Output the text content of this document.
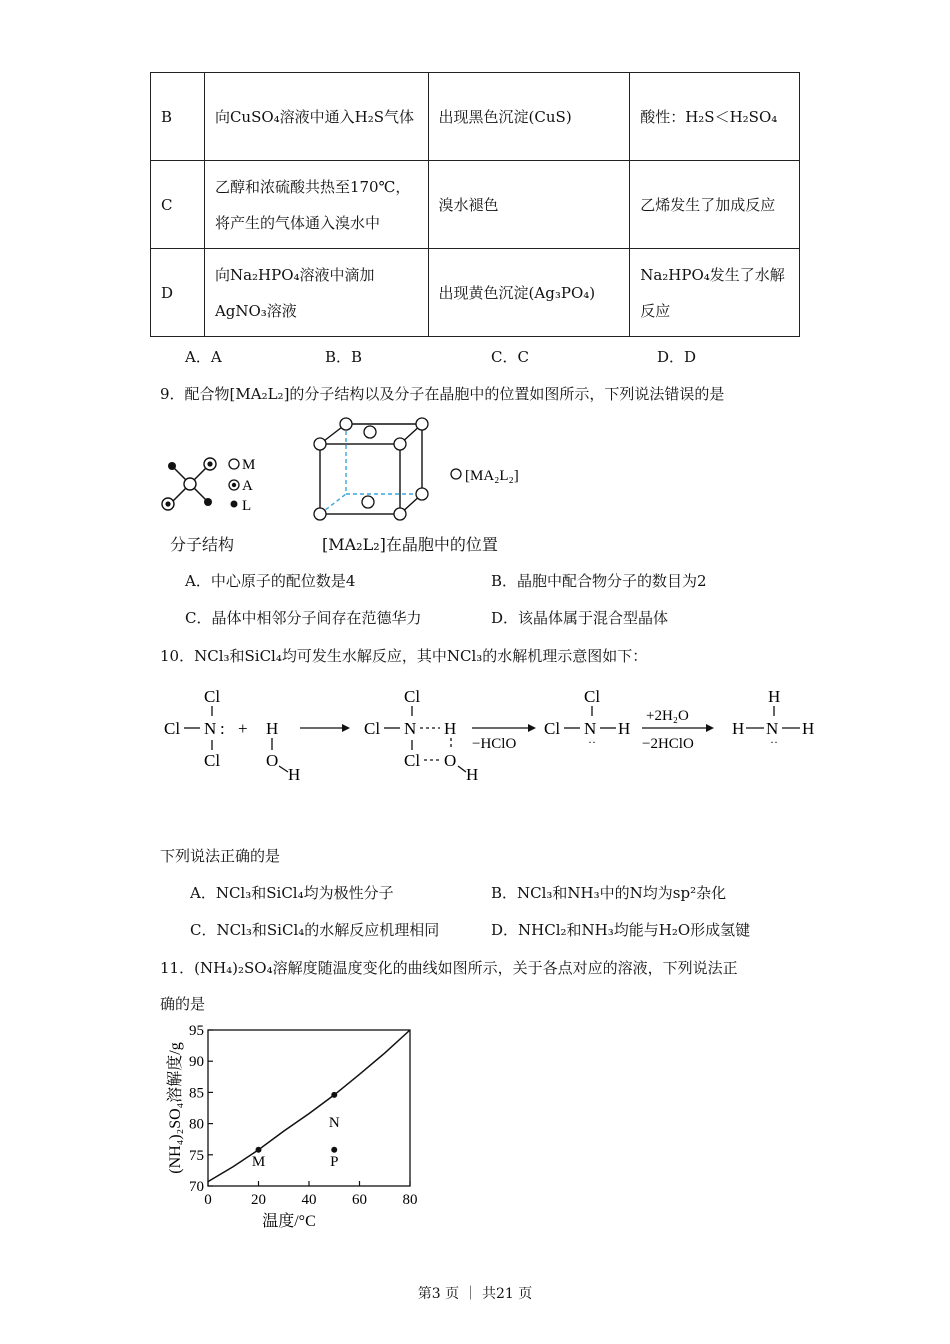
B	向CuSO₄溶液中通入H₂S气体	出现黑色沉淀(CuS)	酸性：H₂S＜H₂SO₄
C	乙醇和浓硫酸共热至170℃，将产生的气体通入溴水中	溴水褪色	乙烯发生了加成反应
D	向Na₂HPO₄溶液中滴加AgNO₃溶液	出现黄色沉淀(Ag₃PO₄)	Na₂HPO₄发生了水解反应
A．A	B．B	C．C	D．D
9．配合物[MA₂L₂]的分子结构以及分子在晶胞中的位置如图所示，下列说法错误的是
M
A
L
[MA₂L₂]
分子结构	[MA₂L₂]在晶胞中的位置
A．中心原子的配位数是4	B．晶胞中配合物分子的数目为2
C．晶体中相邻分子间存在范德华力	D．该晶体属于混合型晶体
10．NCl₃和SiCl₄均可发生水解反应，其中NCl₃的水解机理示意图如下：
Cl
Cl N :
Cl
+ H
O
H
Cl
Cl N H
Cl O
H
−HClO
Cl
Cl N H
··
+2H₂O
−2HClO
H
H N H
··
下列说法正确的是
A．NCl₃和SiCl₄均为极性分子	B．NCl₃和NH₃中的N均为sp²杂化
C．NCl₃和SiCl₄的水解反应机理相同	D．NHCl₂和NH₃均能与H₂O形成氢键
11．(NH₄)₂SO₄溶解度随温度变化的曲线如图所示，关于各点对应的溶液，下列说法正
确的是
0	20 40 60 80
70
75
80
85
90
95
M
N
P
(NH₄)₂SO₄溶解度/g
温度/°C
第3 页 ｜ 共21 页
